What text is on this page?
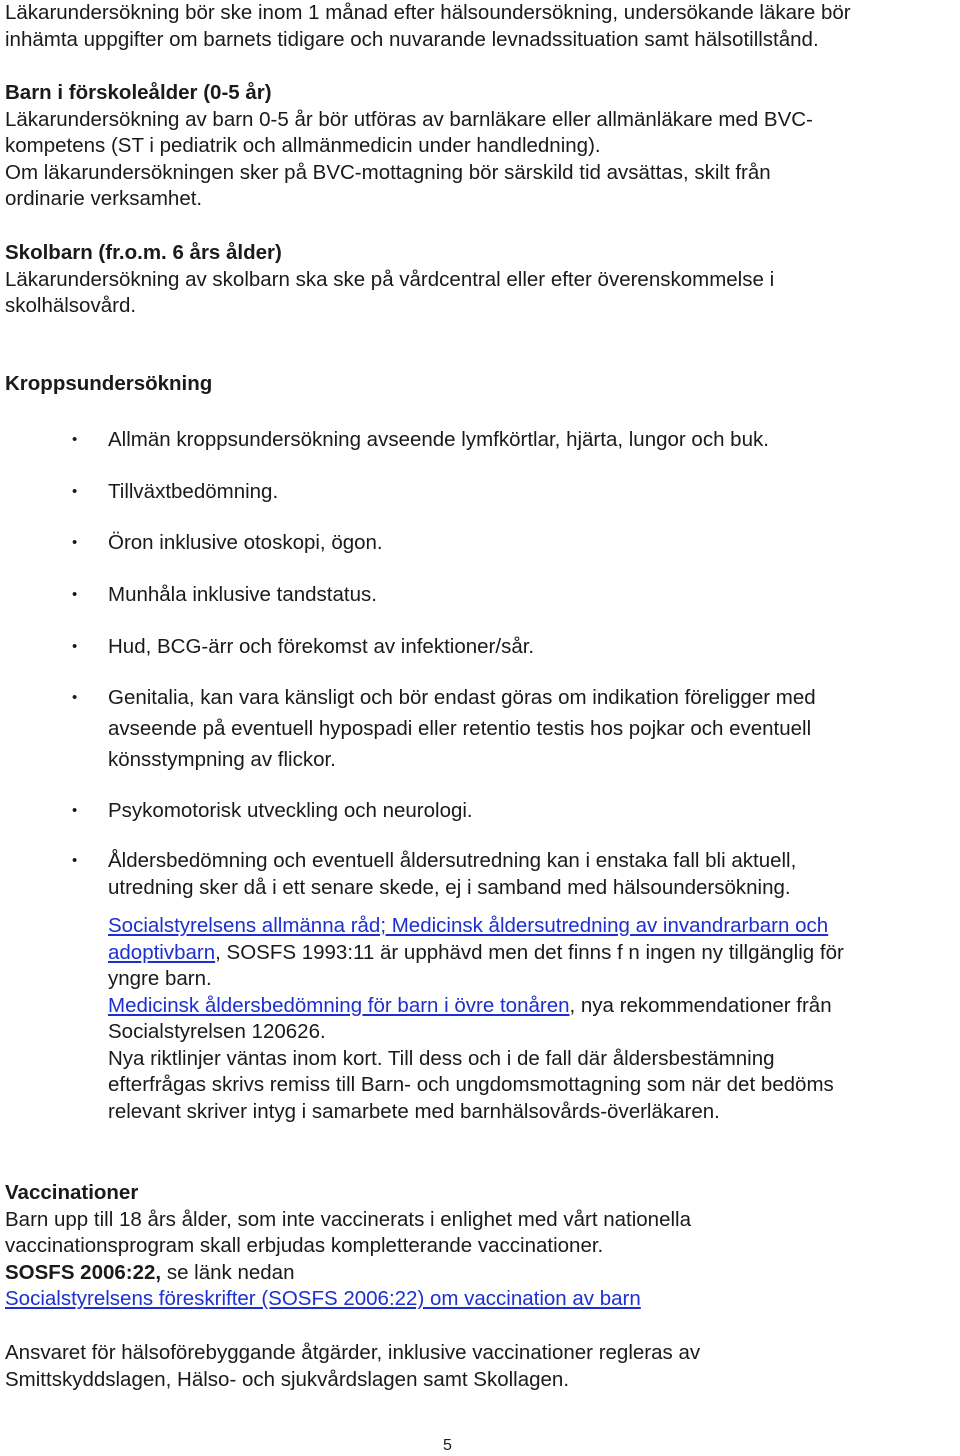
Läkarundersökning bör ske inom 1 månad efter hälsoundersökning, undersökande läkare bör

inhämta uppgifter om barnets tidigare och nuvarande levnadssituation samt hälsotillstånd.

Barn i förskoleålder (0-5 år)

Läkarundersökning av barn 0-5 år bör utföras av barnläkare eller allmänläkare med BVC-

kompetens (ST i pediatrik och allmänmedicin under handledning).

Om läkarundersökningen sker på BVC-mottagning bör särskild tid avsättas, skilt från

ordinarie verksamhet.

Skolbarn (fr.o.m. 6 års ålder)

Läkarundersökning av skolbarn ska ske på vårdcentral eller efter överenskommelse i

skolhälsovård.

Kroppsundersökning

• Allmän kroppsundersökning avseende lymfkörtlar, hjärta, lungor och buk.
• Tillväxtbedömning.
• Öron inklusive otoskopi, ögon.
• Munhåla inklusive tandstatus.
• Hud, BCG-ärr och förekomst av infektioner/sår.
• Genitalia, kan vara känsligt och bör endast göras om indikation föreligger med
avseende på eventuell hypospadi eller retentio testis hos pojkar och eventuell
könsstympning av flickor.
• Psykomotorisk utveckling och neurologi.
• Åldersbedömning och eventuell åldersutredning kan i enstaka fall bli aktuell,
utredning sker då i ett senare skede, ej i samband med hälsoundersökning.

Socialstyrelsens allmänna råd; Medicinsk åldersutredning av invandrarbarn och

adoptivbarn, SOSFS 1993:11 är upphävd men det finns f n ingen ny tillgänglig för

yngre barn.

Medicinsk åldersbedömning för barn i övre tonåren, nya rekommendationer från

Socialstyrelsen 120626.

Nya riktlinjer väntas inom kort. Till dess och i de fall där åldersbestämning

efterfrågas skrivs remiss till Barn- och ungdomsmottagning som när det bedöms

relevant skriver intyg i samarbete med barnhälsovårds-överläkaren.

Vaccinationer

Barn upp till 18 års ålder, som inte vaccinerats i enlighet med vårt nationella

vaccinationsprogram skall erbjudas kompletterande vaccinationer.

SOSFS 2006:22, se länk nedan

Socialstyrelsens föreskrifter (SOSFS 2006:22) om vaccination av barn

Ansvaret för hälsoförebyggande åtgärder, inklusive vaccinationer regleras av

Smittskyddslagen, Hälso- och sjukvårdslagen samt Skollagen.

5
